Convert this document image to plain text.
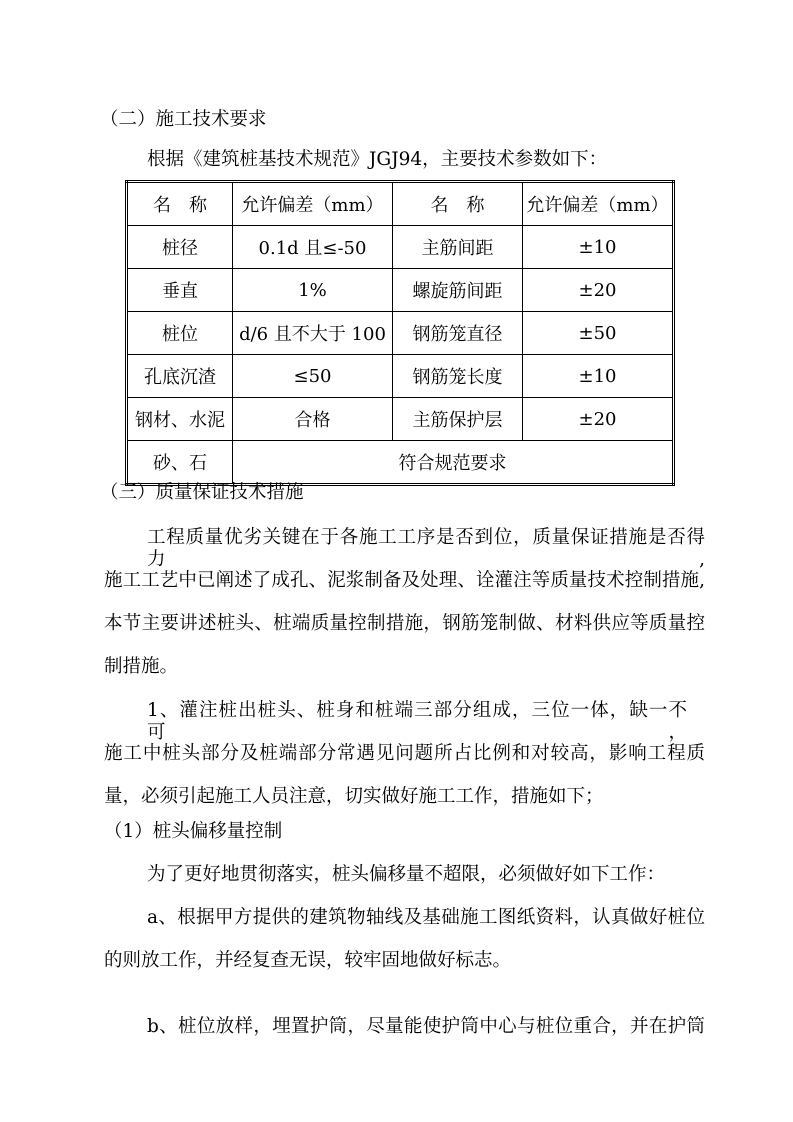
（二）施工技术要求
根据《建筑桩基技术规范》JGJ94，主要技术参数如下：
名　称	允许偏差（mm）	名　称	允许偏差（mm）
桩径	0.1d 且≤-50	主筋间距	±10
垂直	1%	螺旋筋间距	±20
桩位	d/6 且不大于 100	钢筋笼直径	±50
孔底沉渣	≤50	钢筋笼长度	±10
钢材、水泥	合格	主筋保护层	±20
砂、石	符合规范要求		
（三）质量保证技术措施
工程质量优劣关键在于各施工工序是否到位，质量保证措施是否得力,
施工工艺中已阐述了成孔、泥浆制备及处理、诠灌注等质量技术控制措施,
本节主要讲述桩头、桩端质量控制措施，钢筋笼制做、材料供应等质量控
制措施。
1、灌注桩出桩头、桩身和桩端三部分组成，三位一体，缺一不可，
施工中桩头部分及桩端部分常遇见问题所占比例和对较高，影响工程质
量，必须引起施工人员注意，切实做好施工工作，措施如下；
（1）桩头偏移量控制
为了更好地贯彻落实，桩头偏移量不超限，必须做好如下工作：
a、根据甲方提供的建筑物轴线及基础施工图纸资料，认真做好桩位
的则放工作，并经复查无误，较牢固地做好标志。
b、桩位放样，埋置护筒，尽量能使护筒中心与桩位重合，并在护筒
